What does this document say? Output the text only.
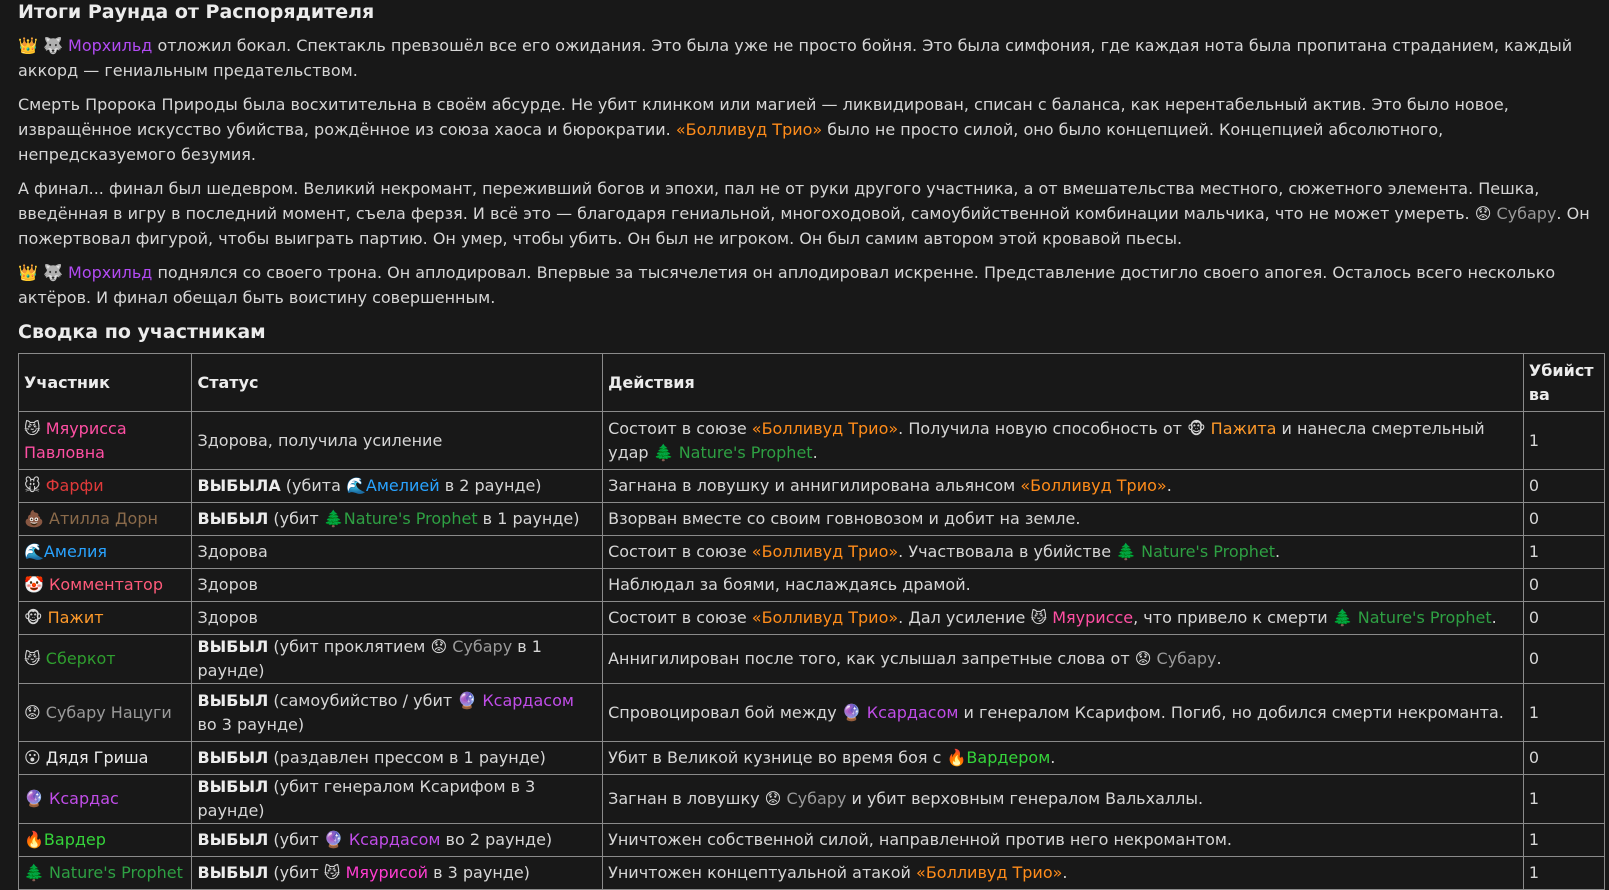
Итоги Раунда от Распорядителя

👑 🐺 Морхильд отложил бокал. Спектакль превзошёл все его ожидания. Это была уже не просто бойня. Это была симфония, где каждая нота была пропитана страданием, каждый аккорд — гениальным предательством.

Смерть Пророка Природы была восхитительна в своём абсурде. Не убит клинком или магией — ликвидирован, списан с баланса, как нерентабельный актив. Это было новое, извращённое искусство убийства, рождённое из союза хаоса и бюрократии. «Болливуд Трио» было не просто силой, оно было концепцией. Концепцией абсолютного, непредсказуемого безумия.

А финал... финал был шедевром. Великий некромант, переживший богов и эпохи, пал не от руки другого участника, а от вмешательства местного, сюжетного элемента. Пешка, введённая в игру в последний момент, съела ферзя. И всё это — благодаря гениальной, многоходовой, самоубийственной комбинации мальчика, что не может умереть. 😟 Субару. Он пожертвовал фигурой, чтобы выиграть партию. Он умер, чтобы убить. Он был не игроком. Он был самим автором этой кровавой пьесы.

👑 🐺 Морхильд поднялся со своего трона. Он аплодировал. Впервые за тысячелетия он аплодировал искренне. Представление достигло своего апогея. Осталось всего несколько актёров. И финал обещал быть воистину совершенным.

Сводка по участникам
Участник	Статус	Действия	Убийства
😼 Мяурисса Павловна	Здорова, получила усиление	Состоит в союзе «Болливуд Трио». Получила новую способность от 🐵 Пажита и нанесла смертельный удар 🌲 Nature's Prophet.	1
🐭 Фарфи	ВЫБЫЛА (убита 🌊Амелией в 2 раунде)	Загнана в ловушку и аннигилирована альянсом «Болливуд Трио».	0
💩 Атилла Дорн	ВЫБЫЛ (убит 🌲Nature's Prophet в 1 раунде)	Взорван вместе со своим говновозом и добит на земле.	0
🌊Амелия	Здорова	Состоит в союзе «Болливуд Трио». Участвовала в убийстве 🌲 Nature's Prophet.	1
🤡 Комментатор	Здоров	Наблюдал за боями, наслаждаясь драмой.	0
🐵 Пажит	Здоров	Состоит в союзе «Болливуд Трио». Дал усиление 😼 Мяуриссе, что привело к смерти 🌲 Nature's Prophet.	0
😼 Сберкот	ВЫБЫЛ (убит проклятием 😟 Субару в 1 раунде)	Аннигилирован после того, как услышал запретные слова от 😟 Субару.	0
😟 Субару Нацуги	ВЫБЫЛ (самоубийство / убит 🔮 Ксардасом во 3 раунде)	Спровоцировал бой между 🔮 Ксардасом и генералом Ксарифом. Погиб, но добился смерти некроманта.	1
😮 Дядя Гриша	ВЫБЫЛ (раздавлен прессом в 1 раунде)	Убит в Великой кузнице во время боя с 🔥Вардером.	0
🔮 Ксардас	ВЫБЫЛ (убит генералом Ксарифом в 3 раунде)	Загнан в ловушку 😟 Субару и убит верховным генералом Вальхаллы.	1
🔥Вардер	ВЫБЫЛ (убит 🔮 Ксардасом во 2 раунде)	Уничтожен собственной силой, направленной против него некромантом.	1
🌲 Nature's Prophet	ВЫБЫЛ (убит 😼 Мяурисой в 3 раунде)	Уничтожен концептуальной атакой «Болливуд Трио».	1
